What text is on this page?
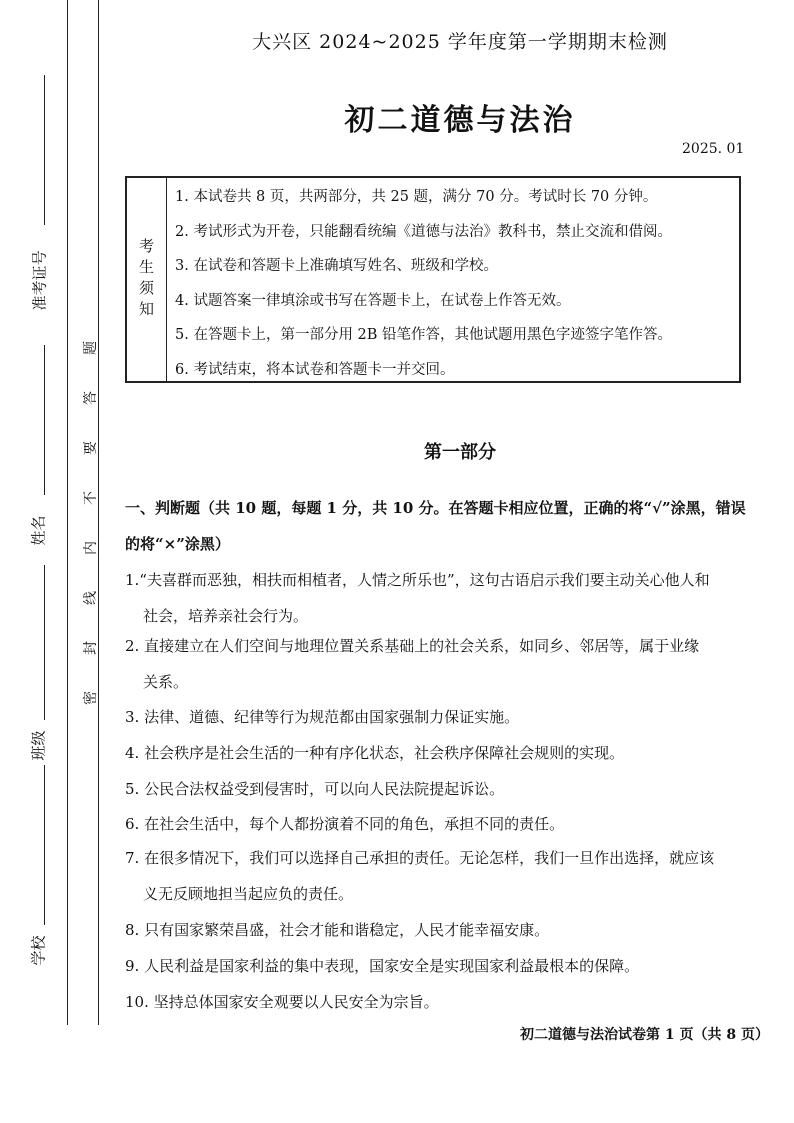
准考证号
姓名
班级
学校
题
答
要
不
内
线
封
密
大兴区 2024~2025 学年度第一学期期末检测
初二道德与法治
2025. 01
考生须知
1. 本试卷共 8 页，共两部分，共 25 题，满分 70 分。考试时长 70 分钟。
2. 考试形式为开卷，只能翻看统编《道德与法治》教科书，禁止交流和借阅。
3. 在试卷和答题卡上准确填写姓名、班级和学校。
4. 试题答案一律填涂或书写在答题卡上，在试卷上作答无效。
5. 在答题卡上，第一部分用 2B 铅笔作答，其他试题用黑色字迹签字笔作答。
6. 考试结束，将本试卷和答题卡一并交回。
第一部分
一、判断题（共 10 题，每题 1 分，共 10 分。在答题卡相应位置，正确的将“√”涂黑，错误
的将“×”涂黑）
1.“夫喜群而恶独，相扶而相植者，人情之所乐也”，这句古语启示我们要主动关心他人和
社会，培养亲社会行为。
2. 直接建立在人们空间与地理位置关系基础上的社会关系，如同乡、邻居等，属于业缘
关系。
3. 法律、道德、纪律等行为规范都由国家强制力保证实施。
4. 社会秩序是社会生活的一种有序化状态，社会秩序保障社会规则的实现。
5. 公民合法权益受到侵害时，可以向人民法院提起诉讼。
6. 在社会生活中，每个人都扮演着不同的角色，承担不同的责任。
7. 在很多情况下，我们可以选择自己承担的责任。无论怎样，我们一旦作出选择，就应该
义无反顾地担当起应负的责任。
8. 只有国家繁荣昌盛，社会才能和谐稳定，人民才能幸福安康。
9. 人民利益是国家利益的集中表现，国家安全是实现国家利益最根本的保障。
10. 坚持总体国家安全观要以人民安全为宗旨。
初二道德与法治试卷第 1 页（共 8 页）
